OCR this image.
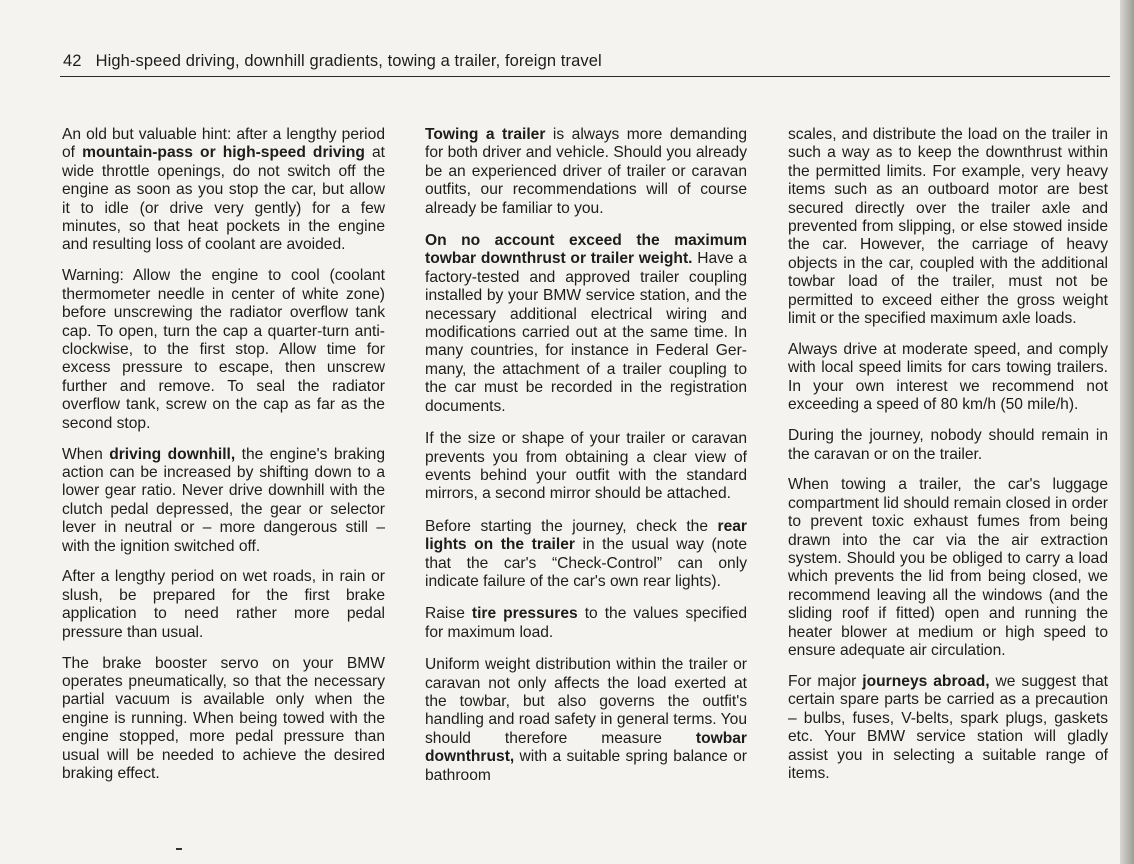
42 High-speed driving, downhill gradients, towing a trailer, foreign travel

An old but valuable hint: after a lengthy period of mountain-pass or high-speed driving at wide throttle openings, do not switch off the engine as soon as you stop the car, but allow it to idle (or drive very gently) for a few minutes, so that heat pockets in the engine and resulting loss of coolant are avoided.

Warning: Allow the engine to cool (coolant thermometer needle in center of white zone) before unscrewing the radiator overflow tank cap. To open, turn the cap a quarter-turn anti-clockwise, to the first stop. Allow time for excess pressure to escape, then unscrew further and remove. To seal the radiator overflow tank, screw on the cap as far as the second stop.

When driving downhill, the engine's braking action can be increased by shifting down to a lower gear ratio. Never drive downhill with the clutch pedal depressed, the gear or selector lever in neutral or – more dangerous still – with the ignition switched off.

After a lengthy period on wet roads, in rain or slush, be prepared for the first brake application to need rather more pedal pressure than usual.

The brake booster servo on your BMW operates pneumatically, so that the necessary partial vacuum is available only when the engine is running. When being towed with the engine stopped, more pedal pressure than usual will be needed to achieve the desired braking effect.

Towing a trailer is always more demanding for both driver and vehicle. Should you already be an experienced driver of trailer or caravan outfits, our recommendations will of course already be familiar to you.

On no account exceed the maximum towbar downthrust or trailer weight. Have a factory-tested and approved trailer coupling installed by your BMW service station, and the necessary additional electrical wiring and modifications carried out at the same time. In many countries, for instance in Federal Germany, the attachment of a trailer coupling to the car must be recorded in the registration documents.

If the size or shape of your trailer or caravan prevents you from obtaining a clear view of events behind your outfit with the standard mirrors, a second mirror should be attached.

Before starting the journey, check the rear lights on the trailer in the usual way (note that the car's “Check-Control” can only indicate failure of the car's own rear lights).

Raise tire pressures to the values specified for maximum load.

Uniform weight distribution within the trailer or caravan not only affects the load exerted at the towbar, but also governs the outfit's handling and road safety in general terms. You should therefore measure towbar downthrust, with a suitable spring balance or bathroom

scales, and distribute the load on the trailer in such a way as to keep the downthrust within the permitted limits. For example, very heavy items such as an outboard motor are best secured directly over the trailer axle and prevented from slipping, or else stowed inside the car. However, the carriage of heavy objects in the car, coupled with the additional towbar load of the trailer, must not be permitted to exceed either the gross weight limit or the specified maximum axle loads.

Always drive at moderate speed, and comply with local speed limits for cars towing trailers. In your own interest we recommend not exceeding a speed of 80 km/h (50 mile/h).

During the journey, nobody should remain in the caravan or on the trailer.

When towing a trailer, the car's luggage compartment lid should remain closed in order to prevent toxic exhaust fumes from being drawn into the car via the air extraction system. Should you be obliged to carry a load which prevents the lid from being closed, we recommend leaving all the windows (and the sliding roof if fitted) open and running the heater blower at medium or high speed to ensure adequate air circulation.

For major journeys abroad, we suggest that certain spare parts be carried as a precaution – bulbs, fuses, V-belts, spark plugs, gaskets etc. Your BMW service station will gladly assist you in selecting a suitable range of items.
